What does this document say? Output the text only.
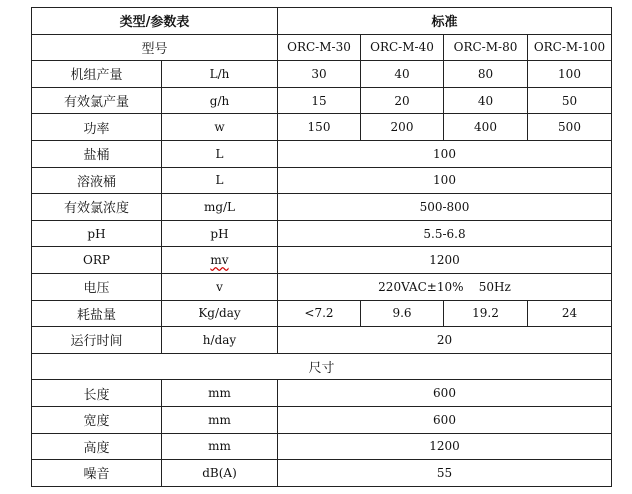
类型/参数表		标准			
型号		ORC-M-30	ORC-M-40	ORC-M-80	ORC-M-100
机组产量	L/h	30	40	80	100
有效氯产量	g/h	15	20	40	50
功率	w	150	200	400	500
盐桶	L	100			
溶液桶	L	100			
有效氯浓度	mg/L	500-800			
pH	pH	5.5-6.8			
ORP	mv	1200			
电压	v	220VAC±10%    50Hz			
耗盐量	Kg/day	<7.2	9.6	19.2	24
运行时间	h/day	20			
尺寸					
长度	mm	600			
宽度	mm	600			
高度	mm	1200			
噪音	dB(A)	55			
